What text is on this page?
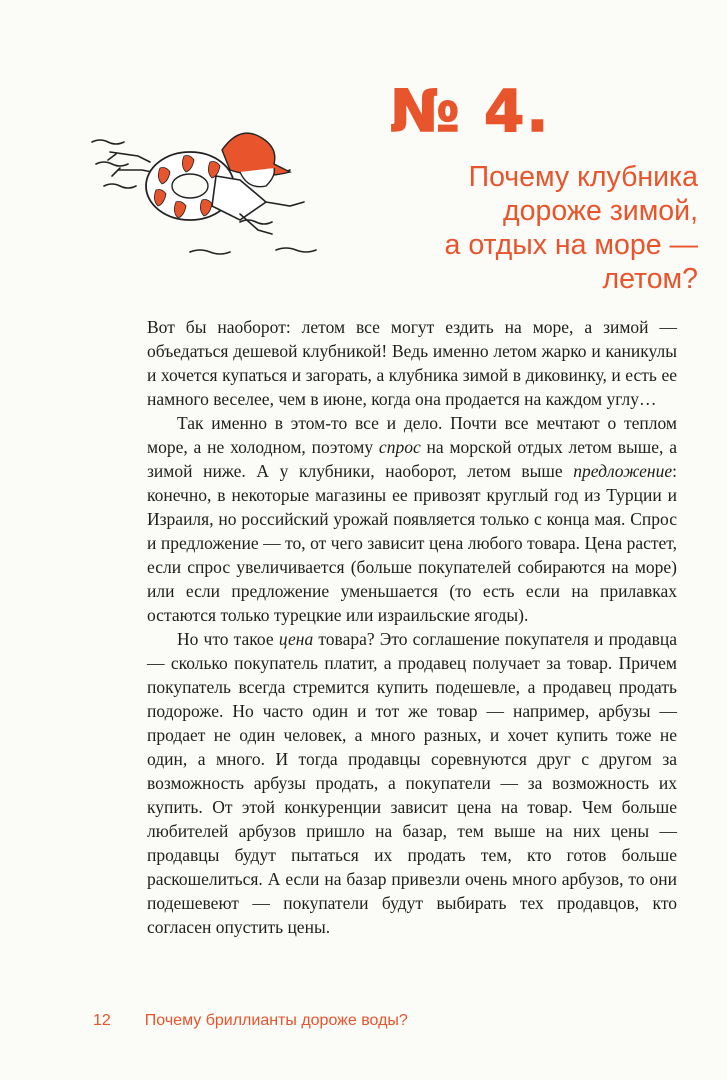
№ 4.
Почему клубника
дороже зимой,
а отдых на море —
летом?

Вот бы наоборот: летом все могут ездить на море, а зимой — объедаться дешевой клубникой! Ведь именно летом жарко и каникулы и хочется купаться и загорать, а клубника зимой в диковинку, и есть ее намного веселее, чем в июне, когда она продается на каждом углу…

Так именно в этом-то все и дело. Почти все мечтают о теплом море, а не холодном, поэтому спрос на морской отдых летом выше, а зимой ниже. А у клубники, наоборот, летом выше предложение: конечно, в некоторые магазины ее привозят круглый год из Турции и Израиля, но российский урожай появляется только с конца мая. Спрос и предложение — то, от чего зависит цена любого товара. Цена растет, если спрос увеличивается (больше покупателей собираются на море) или если предложение уменьшается (то есть если на прилавках остаются только турецкие или израильские ягоды).

Но что такое цена товара? Это соглашение покупателя и продавца — сколько покупатель платит, а продавец получает за товар. Причем покупатель всегда стремится купить подешевле, а продавец продать подороже. Но часто один и тот же товар — например, арбузы — продает не один человек, а много разных, и хочет купить тоже не один, а много. И тогда продавцы соревнуются друг с другом за возможность арбузы продать, а покупатели — за возможность их купить. От этой конкуренции зависит цена на товар. Чем больше любителей арбузов пришло на базар, тем выше на них цены — продавцы будут пытаться их продать тем, кто готов больше раскошелиться. А если на базар привезли очень много арбузов, то они подешевеют — покупатели будут выбирать тех продавцов, кто согласен опустить цены.

12 Почему бриллианты дороже воды?
